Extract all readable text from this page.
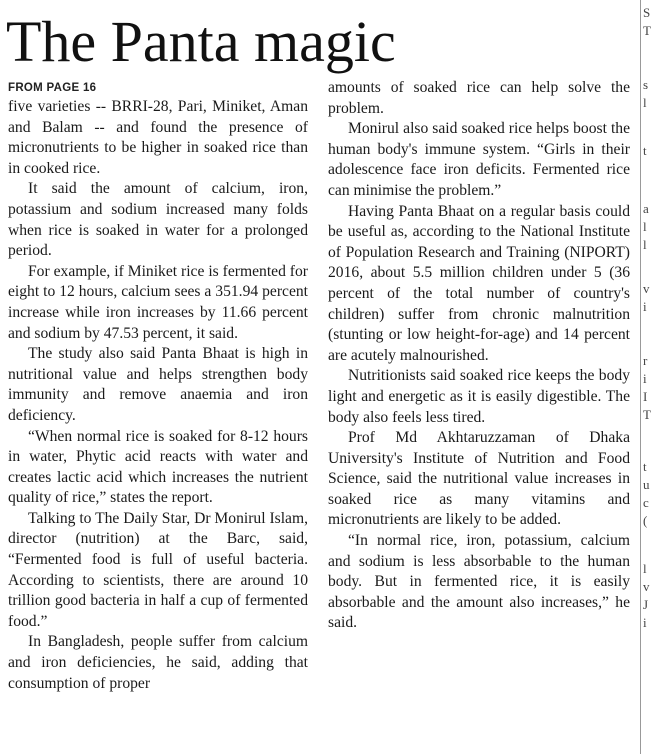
The Panta magic
FROM PAGE 16

five varieties -- BRRI-28, Pari, Miniket, Aman and Balam -- and found the presence of micronutrients to be higher in soaked rice than in cooked rice.

It said the amount of calcium, iron, potassium and sodium increased many folds when rice is soaked in water for a prolonged period.

For example, if Miniket rice is fermented for eight to 12 hours, calcium sees a 351.94 percent increase while iron increases by 11.66 percent and sodium by 47.53 percent, it said.

The study also said Panta Bhaat is high in nutritional value and helps strengthen body immunity and remove anaemia and iron deficiency.

“When normal rice is soaked for 8-12 hours in water, Phytic acid reacts with water and creates lactic acid which increases the nutrient quality of rice,” states the report.

Talking to The Daily Star, Dr Monirul Islam, director (nutrition) at the Barc, said, “Fermented food is full of useful bacteria. According to scientists, there are around 10 trillion good bacteria in half a cup of fermented food.”

In Bangladesh, people suffer from calcium and iron deficiencies, he said, adding that consumption of proper

amounts of soaked rice can help solve the problem.

Monirul also said soaked rice helps boost the human body's immune system. “Girls in their adolescence face iron deficits. Fermented rice can minimise the problem.”

Having Panta Bhaat on a regular basis could be useful as, according to the National Institute of Population Research and Training (NIPORT) 2016, about 5.5 million children under 5 (36 percent of the total number of country's children) suffer from chronic malnutrition (stunting or low height-for-age) and 14 percent are acutely malnourished.

Nutritionists said soaked rice keeps the body light and energetic as it is easily digestible. The body also feels less tired.

Prof Md Akhtaruzzaman of Dhaka University's Institute of Nutrition and Food Science, said the nutritional value increases in soaked rice as many vitamins and micronutrients are likely to be added.

“In normal rice, iron, potassium, calcium and sodium is less absorbable to the human body. But in fermented rice, it is easily absorbable and the amount also increases,” he said.

S
T
s
l
t
a
l
l
v
i
r
i
I
T
t
u
c
(
l
v
J
i
